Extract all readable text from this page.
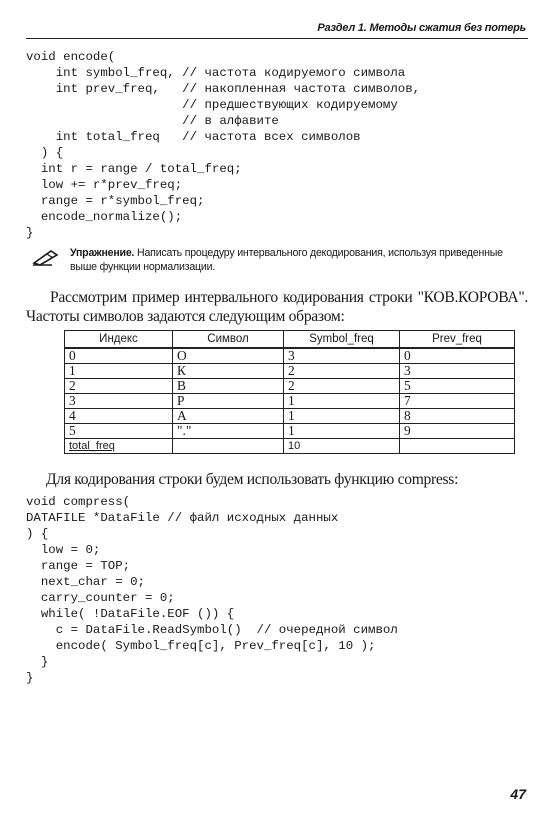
Раздел 1. Методы сжатия без потерь
void encode(
int symbol_freq, // частота кодируемого символа
int prev_freq,   // накопленная частота символов,
// предшествующих кодируемому
// в алфавите
int total_freq   // частота всех символов
) {
int r = range / total_freq;
low += r*prev_freq;
range = r*symbol_freq;
encode_normalize();
}
Упражнение. Написать процедуру интервального декодирования, используя приведенные выше функции нормализации.

Рассмотрим пример интервального кодирования строки "КОВ.КОРОВА". Частоты символов задаются следующим образом:

Индекс	Символ	Symbol_freq	Prev_freq
0	О	3	0
1	К	2	3
2	В	2	5
3	Р	1	7
4	А	1	8
5	"."	1	9
total_freq		10	

Для кодирования строки будем использовать функцию compress:

void compress(
DATAFILE *DataFile // файл исходных данных
) {
low = 0;
range = TOP;
next_char = 0;
carry_counter = 0;
while( !DataFile.EOF ()) {
c = DataFile.ReadSymbol()  // очередной символ
encode( Symbol_freq[c], Prev_freq[c], 10 );
}
}
47
